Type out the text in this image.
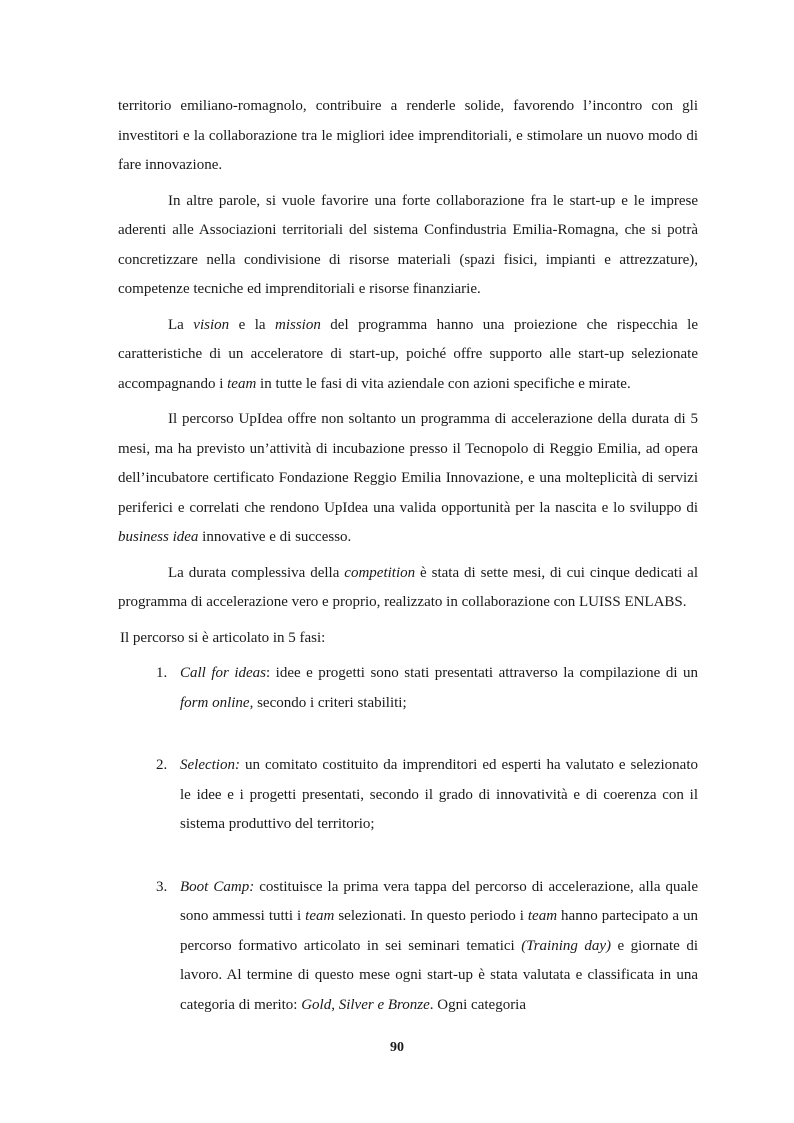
territorio emiliano-romagnolo, contribuire a renderle solide, favorendo l’incontro con gli investitori e la collaborazione tra le migliori idee imprenditoriali, e stimolare un nuovo modo di fare innovazione.

In altre parole, si vuole favorire una forte collaborazione fra le start-up e le imprese aderenti alle Associazioni territoriali del sistema Confindustria Emilia-Romagna, che si potrà concretizzare nella condivisione di risorse materiali (spazi fisici, impianti e attrezzature), competenze tecniche ed imprenditoriali e risorse finanziarie.

La vision e la mission del programma hanno una proiezione che rispecchia le caratteristiche di un acceleratore di start-up, poiché offre supporto alle start-up selezionate accompagnando i team in tutte le fasi di vita aziendale con azioni specifiche e mirate.

Il percorso UpIdea offre non soltanto un programma di accelerazione della durata di 5 mesi, ma ha previsto un’attività di incubazione presso il Tecnopolo di Reggio Emilia, ad opera dell’incubatore certificato Fondazione Reggio Emilia Innovazione, e una molteplicità di servizi periferici e correlati che rendono UpIdea una valida opportunità per la nascita e lo sviluppo di business idea innovative e di successo.

La durata complessiva della competition è stata di sette mesi, di cui cinque dedicati al programma di accelerazione vero e proprio, realizzato in collaborazione con LUISS ENLABS.

Il percorso si è articolato in 5 fasi:

1. Call for ideas: idee e progetti sono stati presentati attraverso la compilazione di un form online, secondo i criteri stabiliti;

2. Selection: un comitato costituito da imprenditori ed esperti ha valutato e selezionato le idee e i progetti presentati, secondo il grado di innovatività e di coerenza con il sistema produttivo del territorio;

3. Boot Camp: costituisce la prima vera tappa del percorso di accelerazione, alla quale sono ammessi tutti i team selezionati. In questo periodo i team hanno partecipato a un percorso formativo articolato in sei seminari tematici (Training day) e giornate di lavoro. Al termine di questo mese ogni start-up è stata valutata e classificata in una categoria di merito: Gold, Silver e Bronze. Ogni categoria

90
